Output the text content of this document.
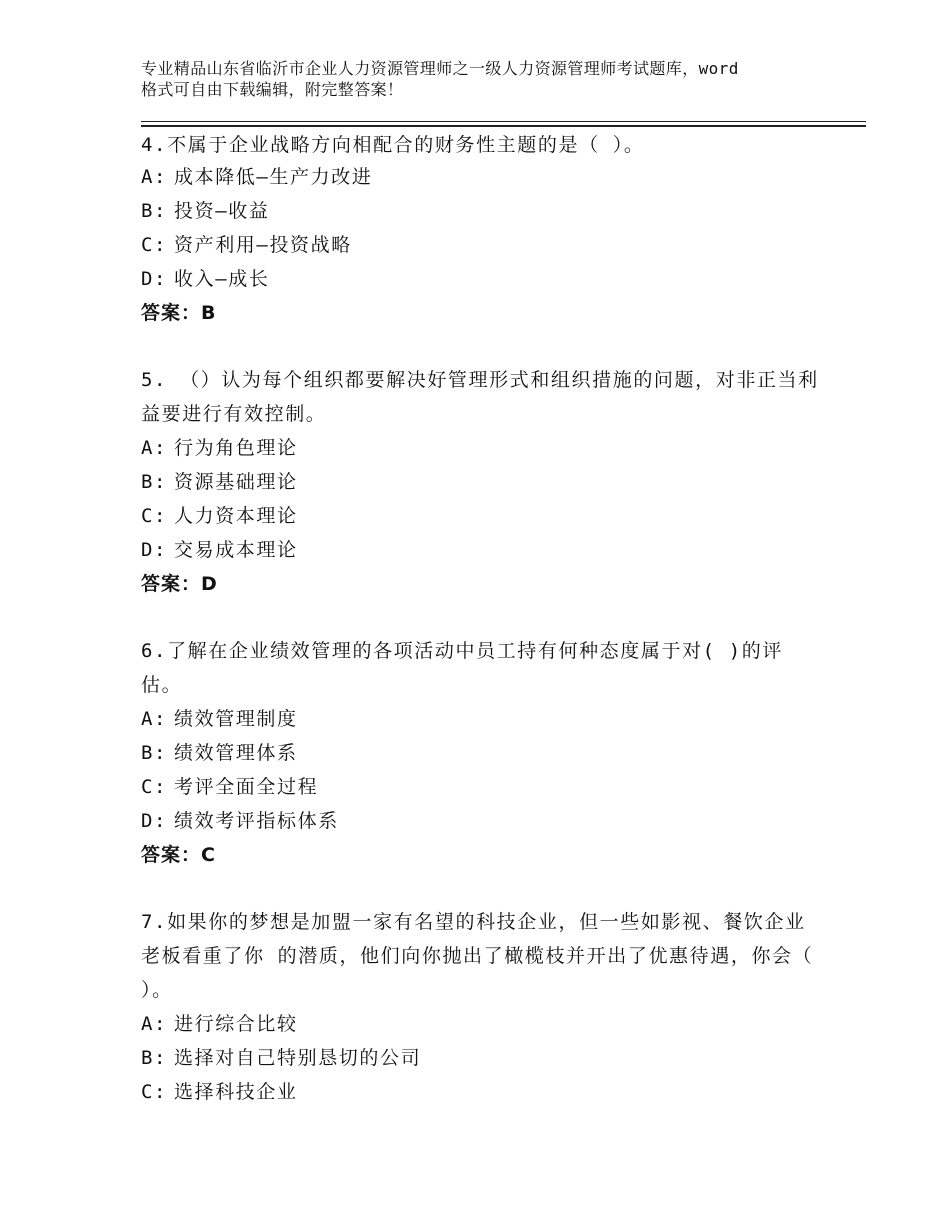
专业精品山东省临沂市企业人力资源管理师之一级人力资源管理师考试题库，word
格式可自由下载编辑，附完整答案！
4.不属于企业战略方向相配合的财务性主题的是（ ）。
A: 成本降低—生产力改进
B: 投资—收益
C: 资产利用—投资战略
D: 收入—成长
答案：B
5. （）认为每个组织都要解决好管理形式和组织措施的问题，对非正当利益要进行有效控制。
A: 行为角色理论
B: 资源基础理论
C: 人力资本理论
D: 交易成本理论
答案：D
6.了解在企业绩效管理的各项活动中员工持有何种态度属于对( )的评估。
A: 绩效管理制度
B: 绩效管理体系
C: 考评全面全过程
D: 绩效考评指标体系
答案：C
7.如果你的梦想是加盟一家有名望的科技企业，但一些如影视、餐饮企业老板看重了你 的潜质，他们向你抛出了橄榄枝并开出了优惠待遇，你会（ ）。
A: 进行综合比较
B: 选择对自己特别恳切的公司
C: 选择科技企业
